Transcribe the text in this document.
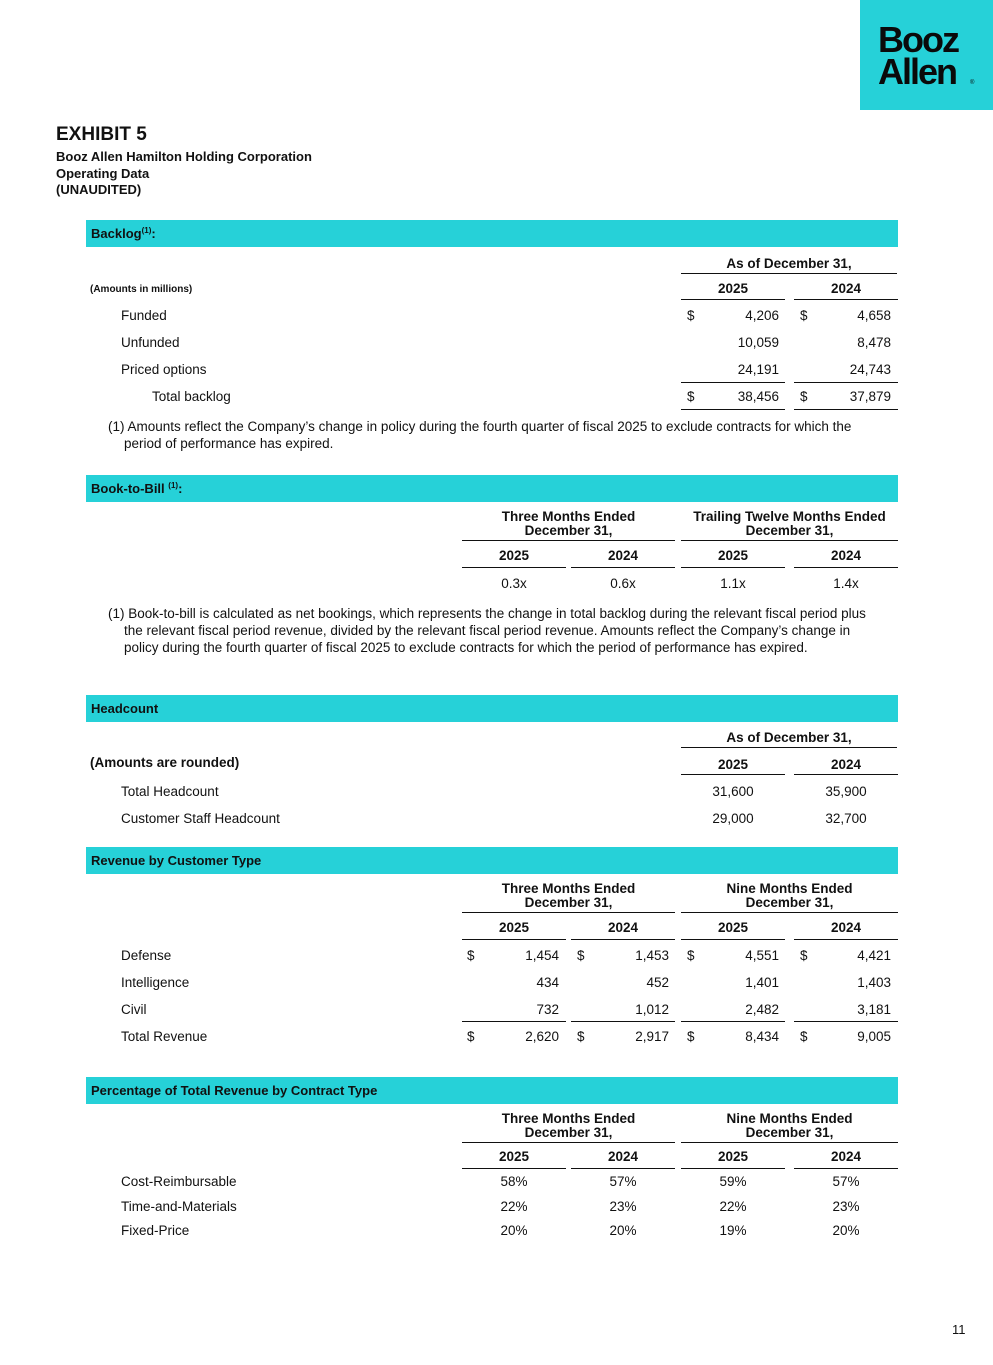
Booz
Allen ®
EXHIBIT 5
Booz Allen Hamilton Holding Corporation
Operating Data
(UNAUDITED)
Backlog$^{(1)}$:
As of December 31,
(Amounts in millions)	2025	2024
Funded	$	4,206 $	4,658
Unfunded	10,059	8,478
Priced options	24,191	24,743
Total backlog	$	38,456 $	37,879
(1) Amounts reflect the Company’s change in policy during the fourth quarter of fiscal 2025 to exclude contracts for which the period of performance has expired.
Book-to-Bill $^{(1)}$:
Three Months Ended
December 31,
Trailing Twelve Months Ended
December 31,
2025	2024	2025	2024
0.3x	0.6x	1.1x	1.4x
(1) Book-to-bill is calculated as net bookings, which represents the change in total backlog during the relevant fiscal period plus the relevant fiscal period revenue, divided by the relevant fiscal period revenue. Amounts reflect the Company’s change in policy during the fourth quarter of fiscal 2025 to exclude contracts for which the period of performance has expired.
Headcount
As of December 31,
(Amounts are rounded)	2025	2024
Total Headcount	31,600	35,900
Customer Staff Headcount	29,000	32,700
Revenue by Customer Type
Three Months Ended
December 31,
Nine Months Ended
December 31,
2025	2024	2025	2024
Defense	$	1,454 $	1,453 $	4,551 $	4,421
Intelligence	434	452	1,401	1,403
Civil	732	1,012	2,482	3,181
Total Revenue	$	2,620 $	2,917 $	8,434 $	9,005
Percentage of Total Revenue by Contract Type
Three Months Ended
December 31,
Nine Months Ended
December 31,
2025	2024	2025	2024
Cost-Reimbursable	58%	57%	59%	57%
Time-and-Materials	22%	23%	22%	23%
Fixed-Price	20%	20%	19%	20%
11
